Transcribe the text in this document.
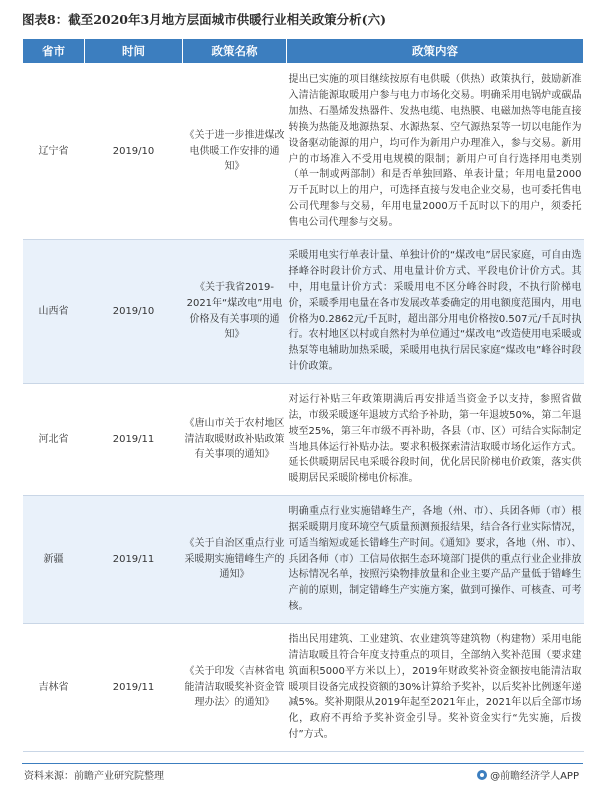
图表8：截至2020年3月地方层面城市供暖行业相关政策分析(六)
省市	时间	政策名称	政策内容
辽宁省	2019/10	《关于进一步推进煤改电供暖工作安排的通知》	提出已实施的项目继续按原有电供暖（供热）政策执行，鼓励新准入清洁能源取暖用户参与电力市场化交易。明确采用电锅炉或碳晶加热、石墨烯发热器件、发热电缆、电热膜、电磁加热等电能直接转换为热能及地源热泵、水源热泵、空气源热泵等一切以电能作为设备驱动能源的用户，均可作为新用户办理准入，参与交易。新用户的市场准入不受用电规模的限制；新用户可自行选择用电类别（单一制或两部制）和是否单独回路、单表计量；年用电量2000万千瓦时以上的用户，可选择直接与发电企业交易，也可委托售电公司代理参与交易，年用电量2000万千瓦时以下的用户，须委托售电公司代理参与交易。
山西省	2019/10	《关于我省2019-2021年“煤改电”用电价格及有关事项的通知》	采暖用电实行单表计量、单独计价的“煤改电”居民家庭，可自由选择峰谷时段计价方式、用电量计价方式、平段电价计价方式。其中，用电量计价方式：采暖用电不区分峰谷时段，不执行阶梯电价，采暖季用电量在各市发展改革委确定的用电额度范围内，用电价格为0.2862元/千瓦时，超出部分用电价格按0.507元/千瓦时执行。农村地区以村或自然村为单位通过“煤改电”改造使用电采暖或热泵等电辅助加热采暖，采暖用电执行居民家庭“煤改电”峰谷时段计价政策。
河北省	2019/11	《唐山市关于农村地区清洁取暖财政补贴政策有关事项的通知》	对运行补贴三年政策期满后再安排适当资金予以支持，参照省做法，市级采暖逐年退坡方式给予补助，第一年退坡50%，第二年退坡至25%，第三年市级不再补助，各县（市、区）可结合实际制定当地具体运行补贴办法。要求积极探索清洁取暖市场化运作方式。延长供暖期居民电采暖谷段时间，优化居民阶梯电价政策，落实供暖期居民采暖阶梯电价标准。
新疆	2019/11	《关于自治区重点行业采暖期实施错峰生产的通知》	明确重点行业实施错峰生产，各地（州、市）、兵团各师（市）根据采暖期月度环境空气质量预测预报结果，结合各行业实际情况，可适当缩短或延长错峰生产时间。《通知》要求，各地（州、市）、兵团各师（市）工信局依据生态环境部门提供的重点行业企业排放达标情况名单，按照污染物排放量和企业主要产品产量低于错峰生产前的原则，制定错峰生产实施方案，做到可操作、可核查、可考核。
吉林省	2019/11	《关于印发〈吉林省电能清洁取暖奖补资金管理办法〉的通知》	指出民用建筑、工业建筑、农业建筑等建筑物（构建物）采用电能清洁取暖且符合年度支持重点的项目，全部纳入奖补范围（要求建筑面积5000平方米以上），2019年财政奖补资金额按电能清洁取暖项目设备完成投资额的30%计算给予奖补，以后奖补比例逐年递减5%。奖补期限从2019年起至2021年止，2021年以后全部市场化，政府不再给予奖补资金引导。奖补资金实行“先实施，后拨付”方式。
资料来源：前瞻产业研究院整理	@前瞻经济学人APP
